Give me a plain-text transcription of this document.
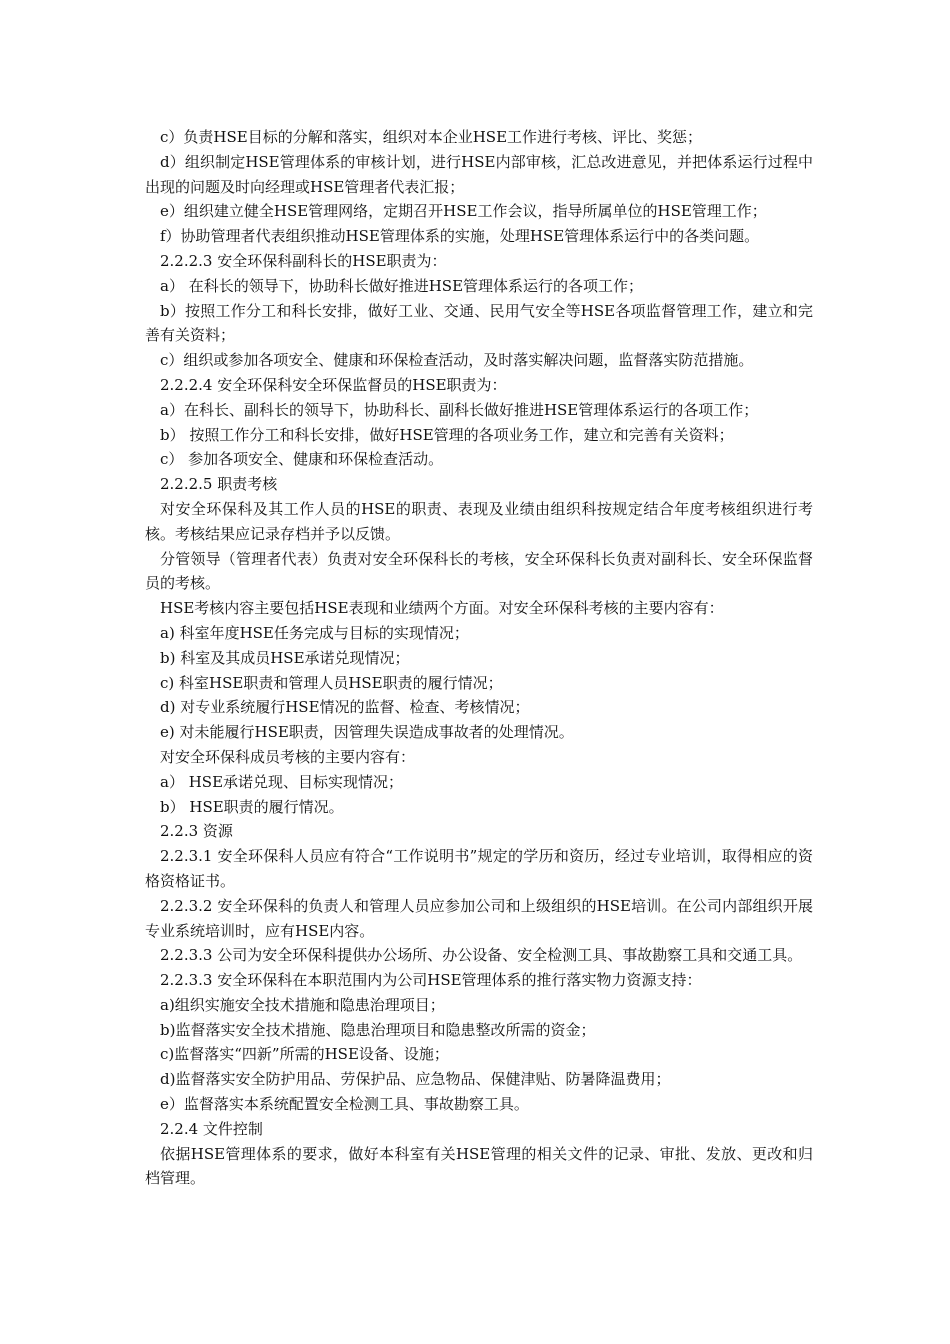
c）负责HSE目标的分解和落实，组织对本企业HSE工作进行考核、评比、奖惩；

d）组织制定HSE管理体系的审核计划，进行HSE内部审核，汇总改进意见，并把体系运行过程中出现的问题及时向经理或HSE管理者代表汇报；

e）组织建立健全HSE管理网络，定期召开HSE工作会议，指导所属单位的HSE管理工作；

f）协助管理者代表组织推动HSE管理体系的实施，处理HSE管理体系运行中的各类问题。

2.2.2.3 安全环保科副科长的HSE职责为：

a） 在科长的领导下，协助科长做好推进HSE管理体系运行的各项工作；

b）按照工作分工和科长安排，做好工业、交通、民用气安全等HSE各项监督管理工作，建立和完善有关资料；

c）组织或参加各项安全、健康和环保检查活动，及时落实解决问题，监督落实防范措施。

2.2.2.4 安全环保科安全环保监督员的HSE职责为：

a）在科长、副科长的领导下，协助科长、副科长做好推进HSE管理体系运行的各项工作；

b） 按照工作分工和科长安排，做好HSE管理的各项业务工作，建立和完善有关资料；

c） 参加各项安全、健康和环保检查活动。

2.2.2.5 职责考核

对安全环保科及其工作人员的HSE的职责、表现及业绩由组织科按规定结合年度考核组织进行考核。考核结果应记录存档并予以反馈。

分管领导（管理者代表）负责对安全环保科长的考核，安全环保科长负责对副科长、安全环保监督员的考核。

HSE考核内容主要包括HSE表现和业绩两个方面。对安全环保科考核的主要内容有：

a) 科室年度HSE任务完成与目标的实现情况；

b) 科室及其成员HSE承诺兑现情况；

c) 科室HSE职责和管理人员HSE职责的履行情况；

d) 对专业系统履行HSE情况的监督、检查、考核情况；

e) 对未能履行HSE职责，因管理失误造成事故者的处理情况。

对安全环保科成员考核的主要内容有：

a） HSE承诺兑现、目标实现情况；

b） HSE职责的履行情况。

2.2.3 资源

2.2.3.1 安全环保科人员应有符合“工作说明书”规定的学历和资历，经过专业培训，取得相应的资格资格证书。

2.2.3.2 安全环保科的负责人和管理人员应参加公司和上级组织的HSE培训。在公司内部组织开展专业系统培训时，应有HSE内容。

2.2.3.3 公司为安全环保科提供办公场所、办公设备、安全检测工具、事故勘察工具和交通工具。

2.2.3.3 安全环保科在本职范围内为公司HSE管理体系的推行落实物力资源支持：

a)组织实施安全技术措施和隐患治理项目；

b)监督落实安全技术措施、隐患治理项目和隐患整改所需的资金；

c)监督落实“四新”所需的HSE设备、设施；

d)监督落实安全防护用品、劳保护品、应急物品、保健津贴、防暑降温费用；

e）监督落实本系统配置安全检测工具、事故勘察工具。

2.2.4 文件控制

依据HSE管理体系的要求，做好本科室有关HSE管理的相关文件的记录、审批、发放、更改和归档管理。
